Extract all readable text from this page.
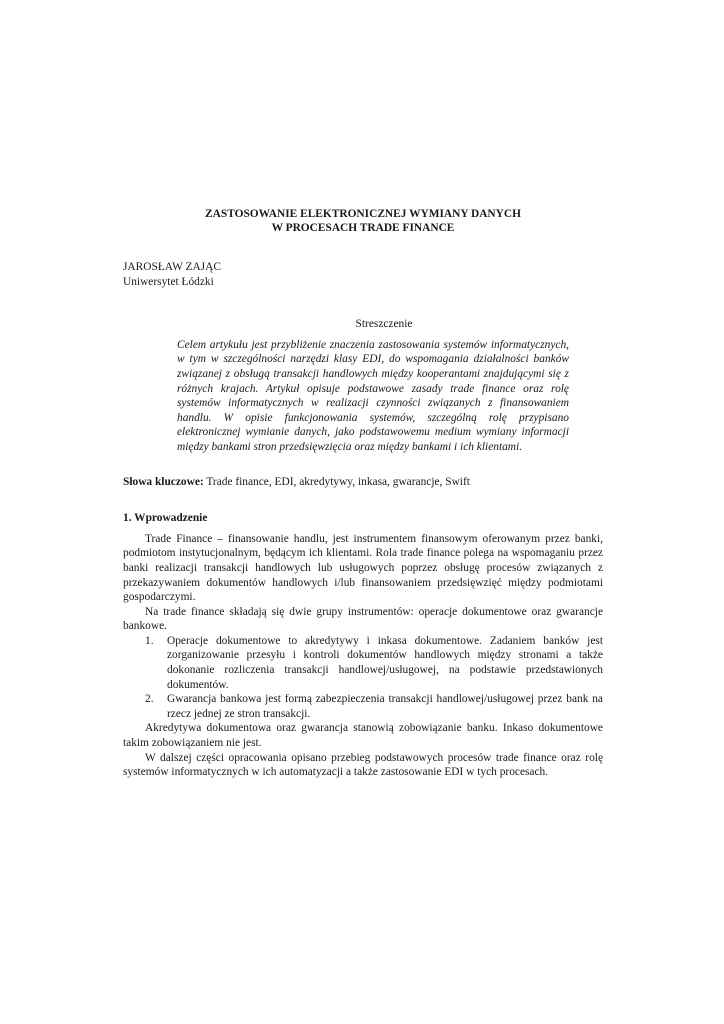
ZASTOSOWANIE ELEKTRONICZNEJ WYMIANY DANYCH
W PROCESACH TRADE FINANCE
JAROSŁAW ZAJĄC
Uniwersytet Łódzki
Streszczenie

Celem artykułu jest przybliżenie znaczenia zastosowania systemów informatycznych, w tym w szczególności narzędzi klasy EDI, do wspomagania działalności banków związanej z obsługą transakcji handlowych między kooperantami znajdującymi się z różnych krajach. Artykuł opisuje podstawowe zasady trade finance oraz rolę systemów informatycznych w realizacji czynności związanych z finansowaniem handlu. W opisie funkcjonowania systemów, szczególną rolę przypisano elektronicznej wymianie danych, jako podstawowemu medium wymiany informacji między bankami stron przedsięwzięcia oraz między bankami i ich klientami.

Słowa kluczowe: Trade finance, EDI, akredytywy, inkasa, gwarancje, Swift
1. Wprowadzenie

Trade Finance – finansowanie handlu, jest instrumentem finansowym oferowanym przez banki, podmiotom instytucjonalnym, będącym ich klientami. Rola trade finance polega na wspomaganiu przez banki realizacji transakcji handlowych lub usługowych poprzez obsługę procesów związanych z przekazywaniem dokumentów handlowych i/lub finansowaniem przedsięwzięć między podmiotami gospodarczymi.

Na trade finance składają się dwie grupy instrumentów: operacje dokumentowe oraz gwarancje bankowe.

1. Operacje dokumentowe to akredytywy i inkasa dokumentowe. Zadaniem banków jest zorganizowanie przesyłu i kontroli dokumentów handlowych między stronami a także dokonanie rozliczenia transakcji handlowej/usługowej, na podstawie przedstawionych dokumentów.
2. Gwarancja bankowa jest formą zabezpieczenia transakcji handlowej/usługowej przez bank na rzecz jednej ze stron transakcji.

Akredytywa dokumentowa oraz gwarancja stanowią zobowiązanie banku. Inkaso dokumentowe takim zobowiązaniem nie jest.

W dalszej części opracowania opisano przebieg podstawowych procesów trade finance oraz rolę systemów informatycznych w ich automatyzacji a także zastosowanie EDI w tych procesach.
